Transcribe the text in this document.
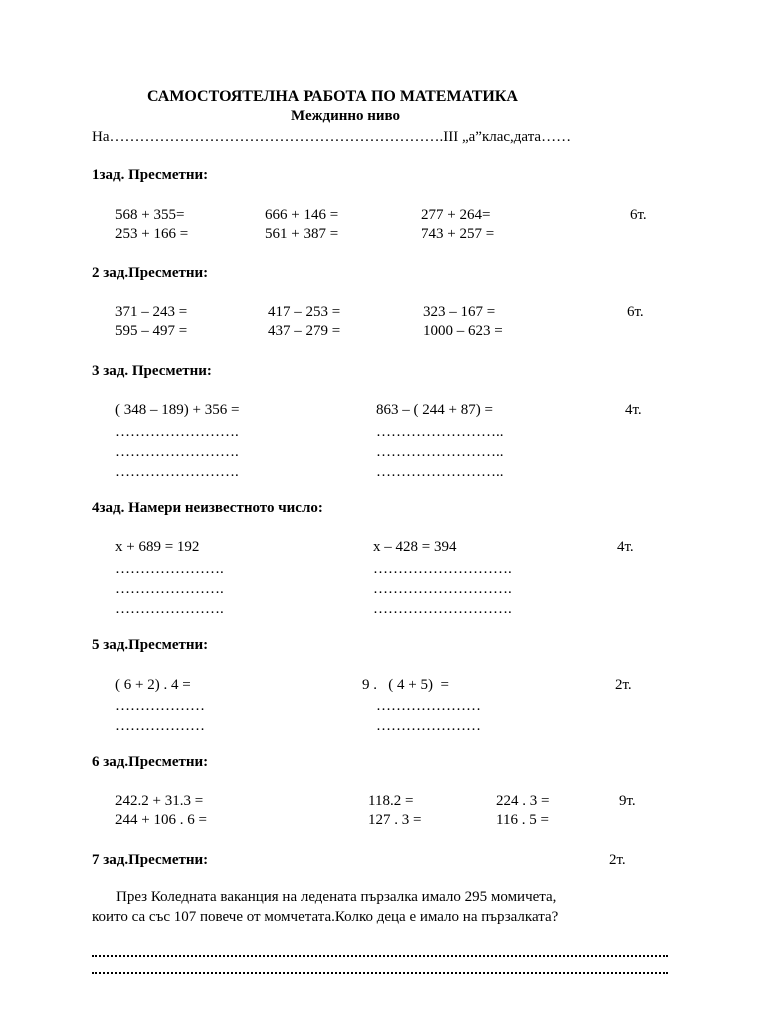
САМОСТОЯТЕЛНА РАБОТА ПО МАТЕМАТИКА
Междинно ниво
На………………………………………………………….III „а”клас,дата……
1зад. Пресметни:
568 + 355=	666 + 146 =	277 + 264=	6т.
253 + 166 =	561 + 387 =	743 + 257 =
2 зад.Пресметни:
371 – 243 =	417 – 253 =	323 – 167 =	6т.
595 – 497 =	437 – 279 =	1000 – 623 =
3 зад. Пресметни:
( 348 – 189) + 356 =	863 – ( 244 + 87) =	4т.
…………………….	……………………..
…………………….	……………………..
…………………….	……………………..
4зад. Намери неизвестното число:
x + 689 = 192	x – 428 = 394	4т.
………………….	……………………….
………………….	……………………….
………………….	……………………….
5 зад.Пресметни:
( 6 + 2) . 4 =	9 .   ( 4 + 5)  =	2т.
………………	…………………
………………	…………………
6 зад.Пресметни:
242.2 + 31.3 =	118.2 =	224 . 3 =	9т.
244 + 106 . 6 =	127 . 3 =	116 . 5 =
7 зад.Пресметни:	2т.
През Коледната ваканция на ледената пързалка имало 295 момичета,
които са със 107 повече от момчетата.Колко деца е имало на пързалката?
